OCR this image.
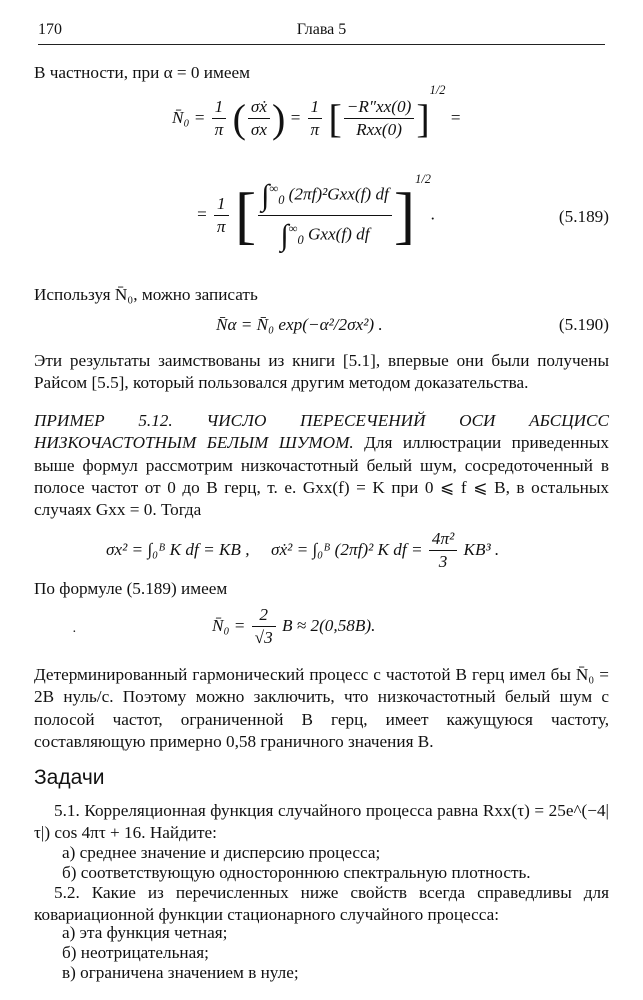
170	Глава 5
В частности, при α = 0 имеем
N̄₀ = $\frac{1}{\pi}$ ( $\frac{\text{σẋ}}{\sigma x}$ ) = $\frac{1}{\pi}$ [ $\frac{-R''xx(0)}{\text{Rxx(0)}} ]^{1/2}$ =
= $\frac{1}{\pi}$ [ $\frac{\int^\infty_0 (2\pi f)^2Gxx(f) df}{\int^\infty_0 Gxx(f) df} ]^{1/2}$.	(5.189)
Используя N̄₀, можно записать
N̄α = N̄₀ exp(−α²/2σx²) .	(5.190)
Эти результаты заимствованы из книги [5.1], впервые они были получены Райсом [5.5], который пользовался другим методом доказательства.
ПРИМЕР 5.12. ЧИСЛО ПЕРЕСЕЧЕНИЙ ОСИ АБСЦИСС НИЗКОЧАСТОТНЫМ БЕЛЫМ ШУМОМ. Для иллюстрации приведенных выше формул рассмотрим низкочастотный белый шум, сосредоточенный в полосе частот от 0 до B герц, т. е. Gxx(f) = K при 0 ⩽ f ⩽ B, в остальных случаях Gxx = 0. Тогда
σx² = ∫₀ᴮ K df = KB , σẋ² = ∫₀ᴮ (2πf)² K df = $\frac{\text{4π²}}{3} KB^3$ .
По формуле (5.189) имеем
·	N̄₀ = $\frac{2}{√3}$ B ≈ 2(0,58B).
Детерминированный гармонический процесс с частотой B герц имел бы N̄₀ = 2B нуль/с. Поэтому можно заключить, что низкочастотный белый шум с полосой частот, ограниченной B герц, имеет кажущуюся частоту, составляющую примерно 0,58 граничного значения B.
Задачи
5.1. Корреляционная функция случайного процесса равна Rxx(τ) = 25e^(−4|τ|) cos 4πτ + 16. Найдите:
а) среднее значение и дисперсию процесса;
б) соответствующую одностороннюю спектральную плотность.
5.2. Какие из перечисленных ниже свойств всегда справедливы для ковариационной функции стационарного случайного процесса:
а) эта функция четная;
б) неотрицательная;
в) ограничена значением в нуле;
